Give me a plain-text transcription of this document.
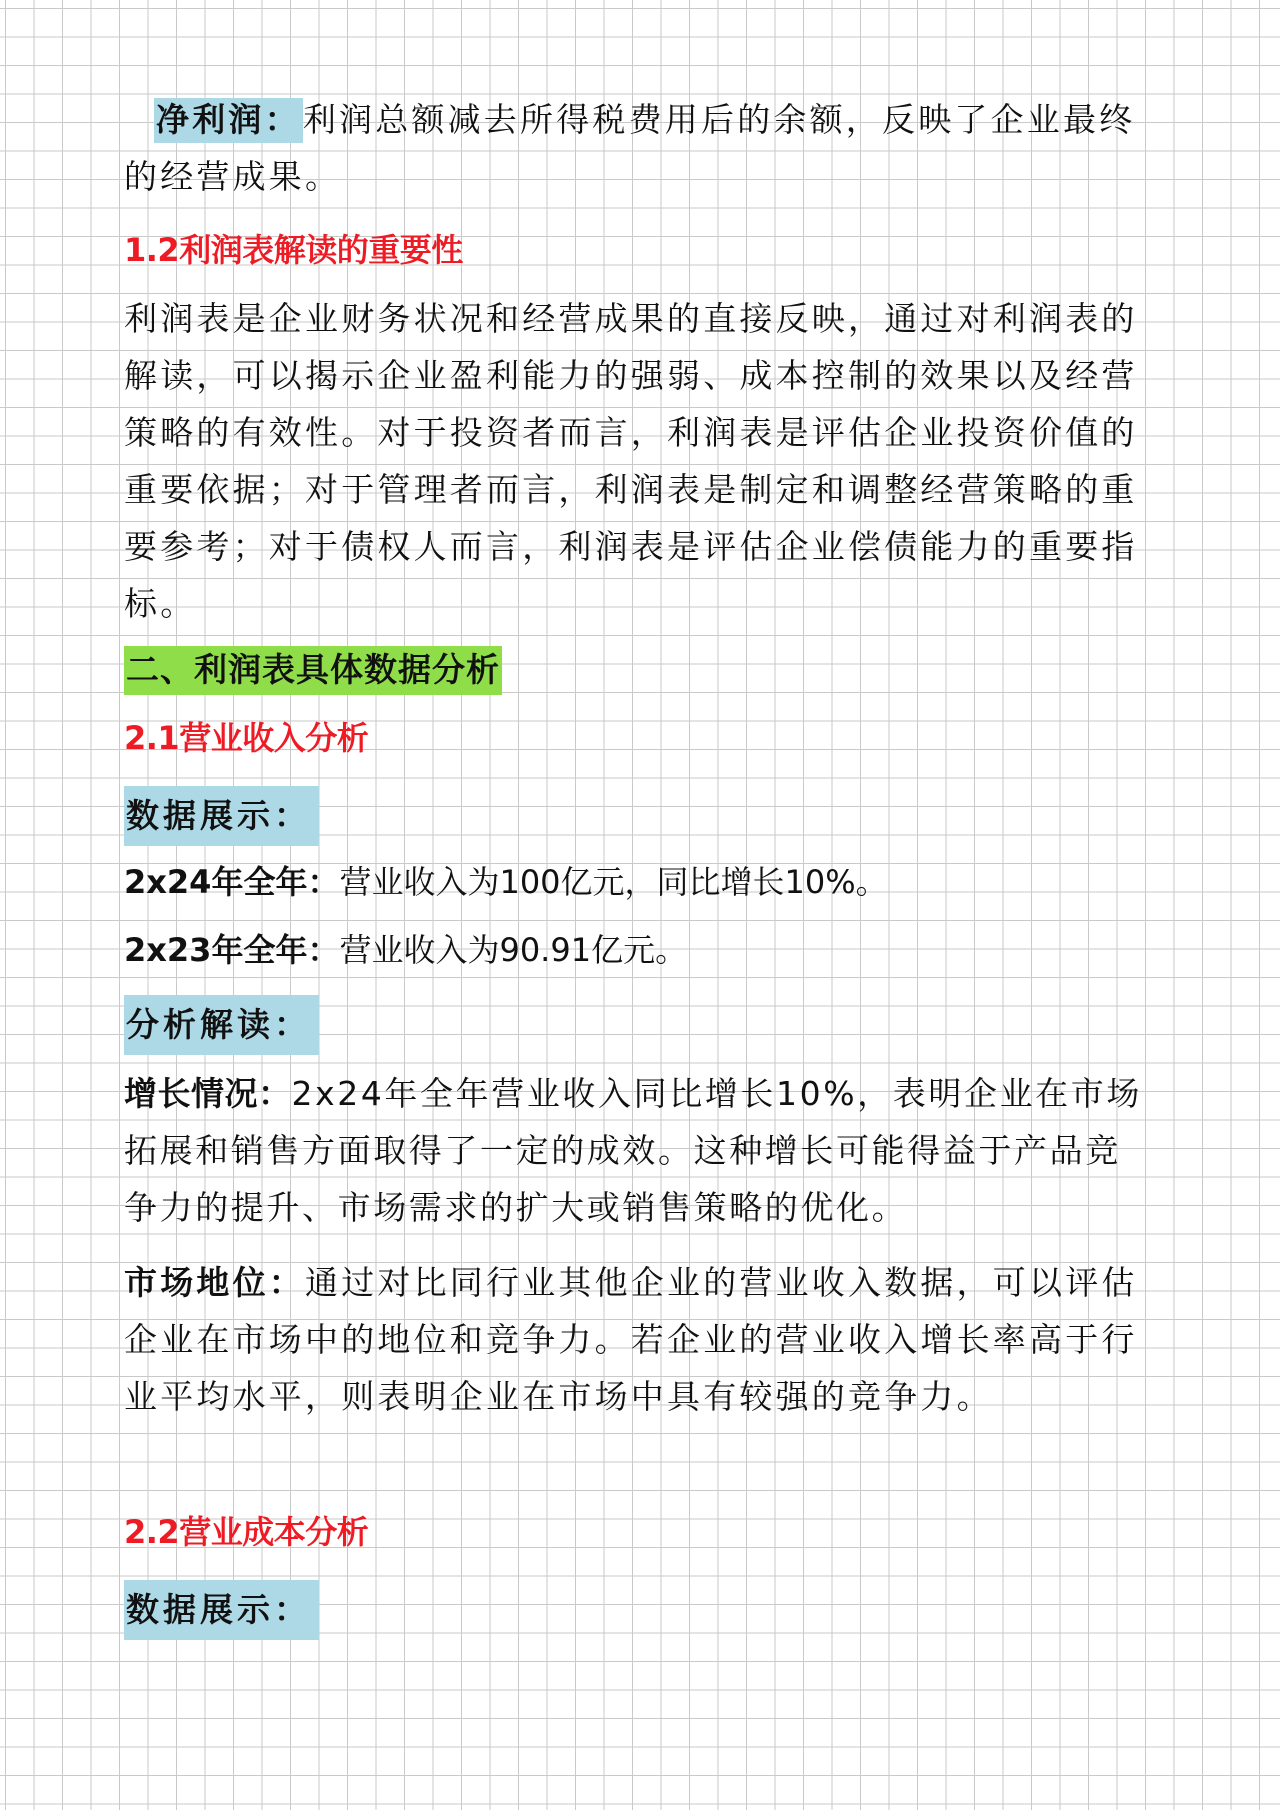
净利润：利润总额减去所得税费用后的余额，反映了企业最终的经营成果。

1.2利润表解读的重要性

利润表是企业财务状况和经营成果的直接反映，通过对利润表的解读，可以揭示企业盈利能力的强弱、成本控制的效果以及经营策略的有效性。对于投资者而言，利润表是评估企业投资价值的重要依据；对于管理者而言，利润表是制定和调整经营策略的重要参考；对于债权人而言，利润表是评估企业偿债能力的重要指标。

二、利润表具体数据分析
2.1营业收入分析
数据展示：
2x24年全年：营业收入为100亿元，同比增长10%。
2x23年全年：营业收入为90.91亿元。
分析解读：

增长情况：2x24年全年营业收入同比增长10%，表明企业在市场拓展和销售方面取得了一定的成效。这种增长可能得益于产品竞争力的提升、市场需求的扩大或销售策略的优化。

市场地位：通过对比同行业其他企业的营业收入数据，可以评估企业在市场中的地位和竞争力。若企业的营业收入增长率高于行业平均水平，则表明企业在市场中具有较强的竞争力。

2.2营业成本分析
数据展示：
